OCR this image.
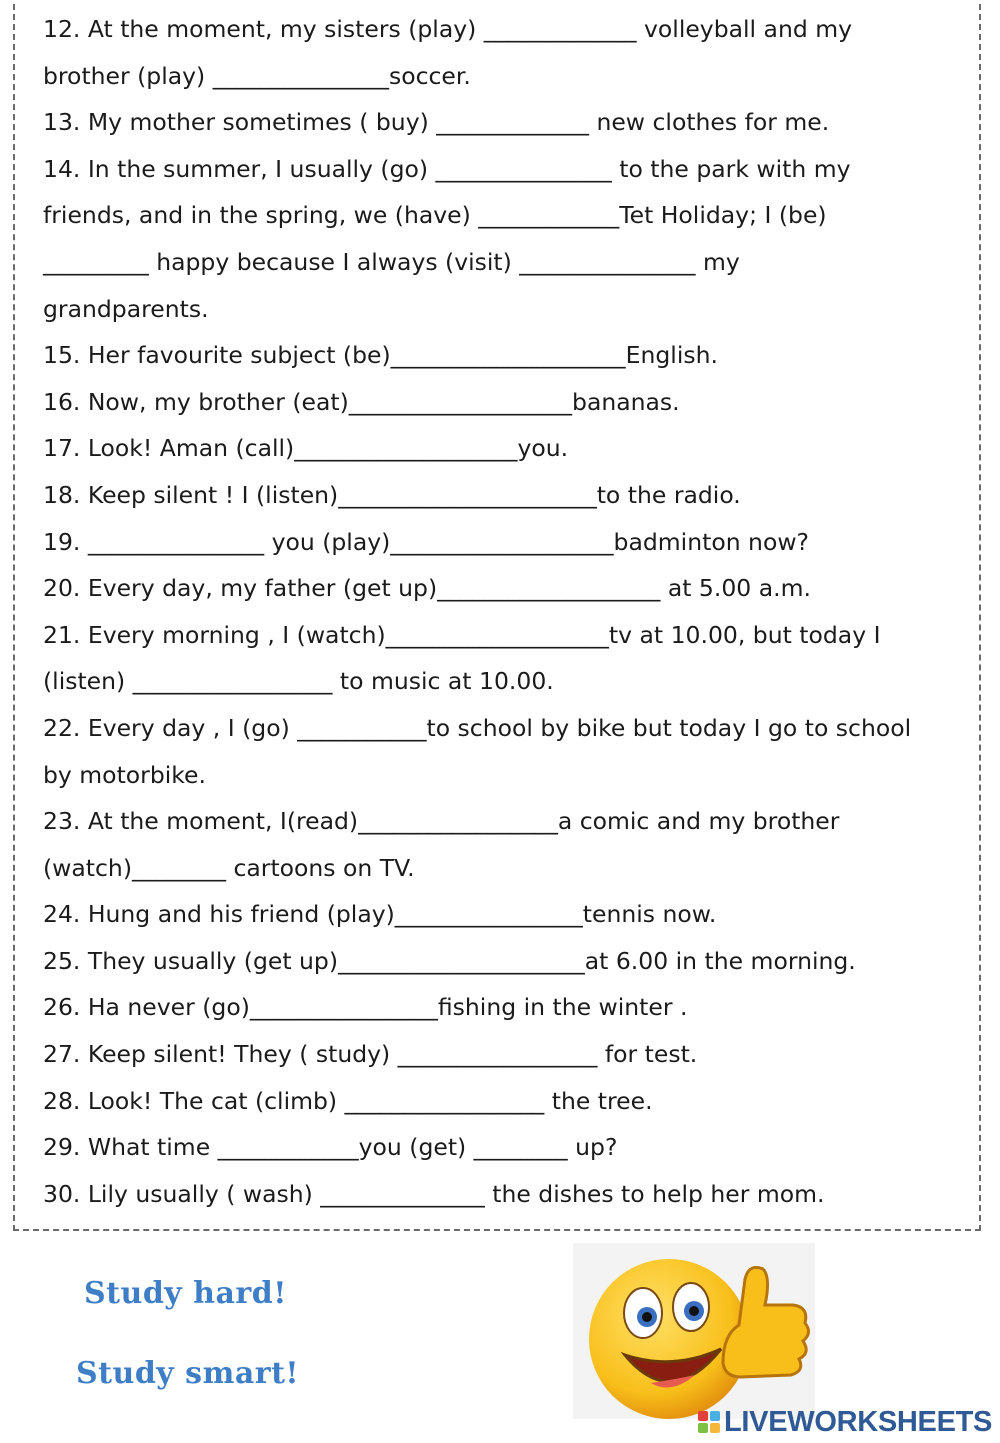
12. At the moment, my sisters (play) _____________ volleyball and my
brother (play) _______________soccer.
13. My mother sometimes ( buy) _____________ new clothes for me.
14. In the summer, I usually (go) _______________ to the park with my
friends, and in the spring, we (have) ____________Tet Holiday; I (be)
_________ happy because I always (visit) _______________ my
grandparents.
15. Her favourite subject (be)____________________English.
16. Now, my brother (eat)___________________bananas.
17. Look! Aman (call)___________________you.
18. Keep silent ! I (listen)______________________to the radio.
19. _______________ you (play)___________________badminton now?
20. Every day, my father (get up)___________________ at 5.00 a.m.
21. Every morning , I (watch)___________________tv at 10.00, but today I
(listen) _________________ to music at 10.00.
22. Every day , I (go) ___________to school by bike but today I go to school
by motorbike.
23. At the moment, I(read)_________________a comic and my brother
(watch)________ cartoons on TV.
24. Hung and his friend (play)________________tennis now.
25. They usually (get up)_____________________at 6.00 in the morning.
26. Ha never (go)________________fishing in the winter .
27. Keep silent! They ( study) _________________ for test.
28. Look! The cat (climb) _________________ the tree.
29. What time ____________you (get) ________ up?
30. Lily usually ( wash) ______________ the dishes to help her mom.
Study hard!
Study smart!
LIVEWORKSHEETS
